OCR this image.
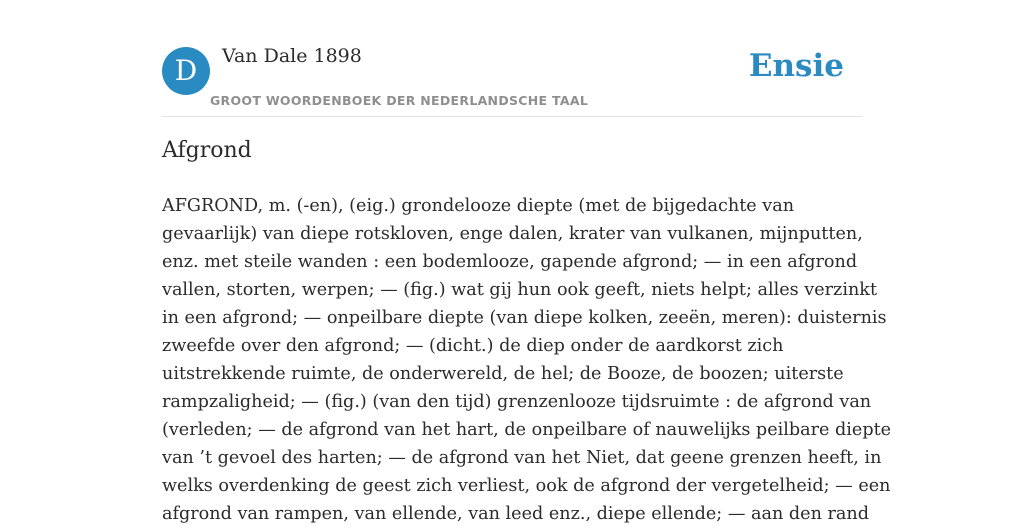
D	Van Dale 1898
GROOT WOORDENBOEK DER NEDERLANDSCHE TAAL
Ensie
Afgrond
AFGROND, m. (-en), (eig.) grondelooze diepte (met de bijgedachte van
gevaarlijk) van diepe rotskloven, enge dalen, krater van vulkanen, mijnputten,
enz. met steile wanden : een bodemlooze, gapende afgrond; — in een afgrond
vallen, storten, werpen; — (fig.) wat gij hun ook geeft, niets helpt; alles verzinkt
in een afgrond; — onpeilbare diepte (van diepe kolken, zeeën, meren): duisternis
zweefde over den afgrond; — (dicht.) de diep onder de aardkorst zich
uitstrekkende ruimte, de onderwereld, de hel; de Booze, de boozen; uiterste
rampzaligheid; — (fig.) (van den tijd) grenzenlooze tijdsruimte : de afgrond van
(verleden; — de afgrond van het hart, de onpeilbare of nauwelijks peilbare diepte
van ’t gevoel des harten; — de afgrond van het Niet, dat geene grenzen heeft, in
welks overdenking de geest zich verliest, ook de afgrond der vergetelheid; — een
afgrond van rampen, van ellende, van leed enz., diepe ellende; — aan den rand
